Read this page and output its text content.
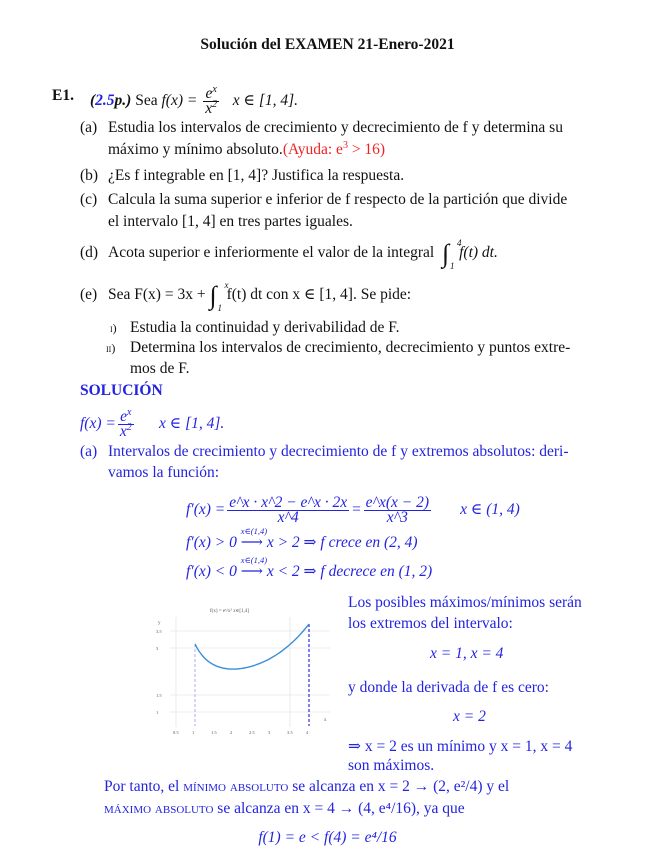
Solución del EXAMEN 21-Enero-2021
E1. (2.5p.) Sea $f(x) = \frac{e^x}{x^2}$ x ∈ [1, 4].
(a) Estudia los intervalos de crecimiento y decrecimiento de f y determina su
máximo y mínimo absoluto.(Ayuda: $e^3 > 16$)
(b) ¿Es f integrable en [1, 4]? Justifica la respuesta.
(c) Calcula la suma superior e inferior de f respecto de la partición que divide
el intervalo [1, 4] en tres partes iguales.
(d) Acota superior e inferiormente el valor de la integral ∫ 4
1
f(t) dt.
(e) Sea F(x) = 3x + ∫ x
1
f(t) dt con x ∈ [1, 4]. Se pide:
i) Estudia la continuidad y derivabilidad de F.
ii) Determina los intervalos de crecimiento, decrecimiento y puntos extre-
mos de F.
SOLUCIÓN
$f(x) = \frac{e^x}{x^2}$ x ∈ [1, 4].
(a) Intervalos de crecimiento y decrecimiento de f y extremos absolutos: deri-
vamos la función:
$f'(x) = \frac{e\^{}x \cdot x\^{}2 - e\^{}x \cdot 2x}{x\^{}4} = \frac{e\^{}x(x - 2)}{x\^{}3}$ x ∈ (1, 4)
f′(x) > 0
x∈(1,4)
⟶ x > 2 ⇒ f crece en (2, 4)
f′(x) < 0
x∈(1,4)
⟶ x < 2 ⇒ f decrece en (1, 2)
Los posibles máximos/mínimos serán
los extremos del intervalo:
x = 1, x = 4
y donde la derivada de f es cero:
x = 2
⇒ x = 2 es un mínimo y x = 1, x = 4
son máximos.
Por tanto, el mínimo absoluto se alcanza en x = 2 → (2, e²/4) y el
máximo absoluto se alcanza en x = 4 → (4, e⁴/16), ya que
f(1) = e < f(4) = e⁴/16
f(x) = eˣ/x² x∈[1,4]
x
y
0.5	1	1.5	2	2.5	3	3.5	4
3.5
3
1.5
1
